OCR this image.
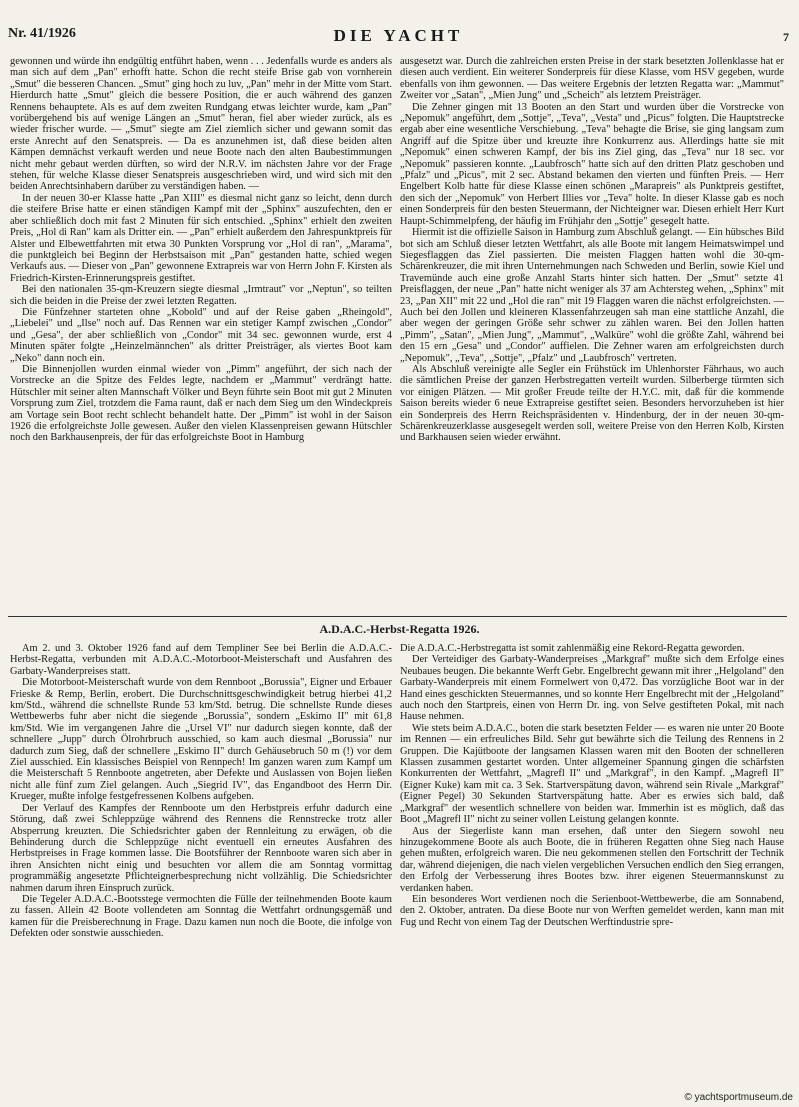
Nr. 41/1926	DIE YACHT	7

gewonnen und würde ihn endgültig entführt haben, wenn . . . Jedenfalls wurde es anders als man sich auf dem „Pan" erhofft hatte. Schon die recht steife Brise gab von vornherein „Smut" die besseren Chancen. „Smut" ging hoch zu luv, „Pan" mehr in der Mitte vom Start. Hierdurch hatte „Smut" gleich die bessere Position, die er auch während des ganzen Rennens behauptete. Als es auf dem zweiten Rundgang etwas leichter wurde, kam „Pan" vorübergehend bis auf wenige Längen an „Smut" heran, fiel aber wieder zurück, als es wieder frischer wurde. — „Smut" siegte am Ziel ziemlich sicher und gewann somit das erste Anrecht auf den Senatspreis. — Da es anzunehmen ist, daß diese beiden alten Kämpen demnächst verkauft werden und neue Boote nach den alten Baubestimmungen nicht mehr gebaut werden dürften, so wird der N.R.V. im nächsten Jahre vor der Frage stehen, für welche Klasse dieser Senatspreis ausgeschrieben wird, und wird sich mit den beiden Anrechtsinhabern darüber zu verständigen haben. —

In der neuen 30-er Klasse hatte „Pan XIII" es diesmal nicht ganz so leicht, denn durch die steifere Brise hatte er einen ständigen Kampf mit der „Sphinx" auszufechten, den er aber schließlich doch mit fast 2 Minuten für sich entschied. „Sphinx" erhielt den zweiten Preis, „Hol di Ran" kam als Dritter ein. — „Pan" erhielt außerdem den Jahrespunktpreis für Alster und Elbewettfahrten mit etwa 30 Punkten Vorsprung vor „Hol di ran", „Marama", die punktgleich bei Beginn der Herbstsaison mit „Pan" gestanden hatte, schied wegen Verkaufs aus. — Dieser von „Pan" gewonnene Extrapreis war von Herrn John F. Kirsten als Friedrich-Kirsten-Erinnerungspreis gestiftet.

Bei den nationalen 35-qm-Kreuzern siegte diesmal „Irmtraut" vor „Neptun", so teilten sich die beiden in die Preise der zwei letzten Regatten.

Die Fünfzehner starteten ohne „Kobold" und auf der Reise gaben „Rheingold", „Liebelei" und „Ilse" noch auf. Das Rennen war ein stetiger Kampf zwischen „Condor" und „Gesa", der aber schließlich von „Condor" mit 34 sec. gewonnen wurde, erst 4 Minuten später folgte „Heinzelmännchen" als dritter Preisträger, als viertes Boot kam „Neko" dann noch ein.

Die Binnenjollen wurden einmal wieder von „Pimm" angeführt, der sich nach der Vorstrecke an die Spitze des Feldes legte, nachdem er „Mammut" verdrängt hatte. Hütschler mit seiner alten Mannschaft Völker und Beyn führte sein Boot mit gut 2 Minuten Vorsprung zum Ziel, trotzdem die Fama raunt, daß er nach dem Sieg um den Windeckpreis am Vortage sein Boot recht schlecht behandelt hatte. Der „Pimm" ist wohl in der Saison 1926 die erfolgreichste Jolle gewesen. Außer den vielen Klassenpreisen gewann Hütschler noch den Barkhausenpreis, der für das erfolgreichste Boot in Hamburg

ausgesetzt war. Durch die zahlreichen ersten Preise in der stark besetzten Jollenklasse hat er diesen auch verdient. Ein weiterer Sonderpreis für diese Klasse, vom HSV gegeben, wurde ebenfalls von ihm gewonnen. — Das weitere Ergebnis der letzten Regatta war: „Mammut" Zweiter vor „Satan", „Mien Jung" und „Scheich" als letztem Preisträger.

Die Zehner gingen mit 13 Booten an den Start und wurden über die Vorstrecke von „Nepomuk" angeführt, dem „Sottje", „Teva", „Vesta" und „Picus" folgten. Die Hauptstrecke ergab aber eine wesentliche Verschiebung. „Teva" behagte die Brise, sie ging langsam zum Angriff auf die Spitze über und kreuzte ihre Konkurrenz aus. Allerdings hatte sie mit „Nepomuk" einen schweren Kampf, der bis ins Ziel ging, das „Teva" nur 18 sec. vor „Nepomuk" passieren konnte. „Laubfrosch" hatte sich auf den dritten Platz geschoben und „Pfalz" und „Picus", mit 2 sec. Abstand bekamen den vierten und fünften Preis. — Herr Engelbert Kolb hatte für diese Klasse einen schönen „Marapreis" als Punktpreis gestiftet, den sich der „Nepomuk" von Herbert Illies vor „Teva" holte. In dieser Klasse gab es noch einen Sonderpreis für den besten Steuermann, der Nichteigner war. Diesen erhielt Herr Kurt Haupt-Schimmelpfeng, der häufig im Frühjahr den „Sottje" gesegelt hatte.

Hiermit ist die offizielle Saison in Hamburg zum Abschluß gelangt. — Ein hübsches Bild bot sich am Schluß dieser letzten Wettfahrt, als alle Boote mit langem Heimatswimpel und Siegesflaggen das Ziel passierten. Die meisten Flaggen hatten wohl die 30-qm-Schärenkreuzer, die mit ihren Unternehmungen nach Schweden und Berlin, sowie Kiel und Travemünde auch eine große Anzahl Starts hinter sich hatten. Der „Smut" setzte 41 Preisflaggen, der neue „Pan" hatte nicht weniger als 37 am Achtersteg wehen, „Sphinx" mit 23, „Pan XII" mit 22 und „Hol die ran" mit 19 Flaggen waren die nächst erfolgreichsten. — Auch bei den Jollen und kleineren Klassenfahrzeugen sah man eine stattliche Anzahl, die aber wegen der geringen Größe sehr schwer zu zählen waren. Bei den Jollen hatten „Pimm", „Satan", „Mien Jung", „Mammut", „Walküre" wohl die größte Zahl, während bei den 15 ern „Gesa" und „Condor" auffielen. Die Zehner waren am erfolgreichsten durch „Nepomuk", „Teva", „Sottje", „Pfalz" und „Laubfrosch" vertreten.

Als Abschluß vereinigte alle Segler ein Frühstück im Uhlenhorster Fährhaus, wo auch die sämtlichen Preise der ganzen Herbstregatten verteilt wurden. Silberberge türmten sich vor einigen Plätzen. — Mit großer Freude teilte der H.Y.C. mit, daß für die kommende Saison bereits wieder 6 neue Extrapreise gestiftet seien. Besonders hervorzuheben ist hier ein Sonderpreis des Herrn Reichspräsidenten v. Hindenburg, der in der neuen 30-qm-Schärenkreuzerklasse ausgesegelt werden soll, weitere Preise von den Herren Kolb, Kirsten und Barkhausen seien wieder erwähnt.

A.D.A.C.-Herbst-Regatta 1926.

Am 2. und 3. Oktober 1926 fand auf dem Templiner See bei Berlin die A.D.A.C.-Herbst-Regatta, verbunden mit A.D.A.C.-Motorboot-Meisterschaft und Ausfahren des Garbaty-Wanderpreises statt.

Die Motorboot-Meisterschaft wurde von dem Rennboot „Borussia", Eigner und Erbauer Frieske & Remp, Berlin, erobert. Die Durchschnittsgeschwindigkeit betrug hierbei 41,2 km/Std., während die schnellste Runde 53 km/Std. betrug. Die schnellste Runde dieses Wettbewerbs fuhr aber nicht die siegende „Borussia", sondern „Eskimo II" mit 61,8 km/Std. Wie im vergangenen Jahre die „Ursel VI" nur dadurch siegen konnte, daß der schnellere „Jupp" durch Ölrohrbruch ausschied, so kam auch diesmal „Borussia" nur dadurch zum Sieg, daß der schnellere „Eskimo II" durch Gehäusebruch 50 m (!) vor dem Ziel ausschied. Ein klassisches Beispiel von Rennpech! Im ganzen waren zum Kampf um die Meisterschaft 5 Rennboote angetreten, aber Defekte und Auslassen von Bojen ließen nicht alle fünf zum Ziel gelangen. Auch „Siegrid IV", das Engandboot des Herrn Dir. Krueger, mußte infolge festgefressenen Kolbens aufgeben.

Der Verlauf des Kampfes der Rennboote um den Herbstpreis erfuhr dadurch eine Störung, daß zwei Schleppzüge während des Rennens die Rennstrecke trotz aller Absperrung kreuzten. Die Schiedsrichter gaben der Rennleitung zu erwägen, ob die Behinderung durch die Schleppzüge nicht eventuell ein erneutes Ausfahren des Herbstpreises in Frage kommen lasse. Die Bootsführer der Rennboote waren sich aber in ihren Ansichten nicht einig und besuchten vor allem die am Sonntag vormittag programmäßig angesetzte Pflichteignerbesprechung nicht vollzählig. Die Schiedsrichter nahmen darum ihren Einspruch zurück.

Die Tegeler A.D.A.C.-Bootsstege vermochten die Fülle der teilnehmenden Boote kaum zu fassen. Allein 42 Boote vollendeten am Sonntag die Wettfahrt ordnungsgemäß und kamen für die Preisberechnung in Frage. Dazu kamen nun noch die Boote, die infolge von Defekten oder sonstwie ausschieden.

Die A.D.A.C.-Herbstregatta ist somit zahlenmäßig eine Rekord-Regatta geworden.

Der Verteidiger des Garbaty-Wanderpreises „Markgraf" mußte sich dem Erfolge eines Neubaues beugen. Die bekannte Werft Gebr. Engelbrecht gewann mit ihrer „Helgoland" den Garbaty-Wanderpreis mit einem Formelwert von 0,472. Das vorzügliche Boot war in der Hand eines geschickten Steuermannes, und so konnte Herr Engelbrecht mit der „Helgoland" auch noch den Startpreis, einen von Herrn Dr. ing. von Selve gestifteten Pokal, mit nach Hause nehmen.

Wie stets beim A.D.A.C., boten die stark besetzten Felder — es waren nie unter 20 Boote im Rennen — ein erfreuliches Bild. Sehr gut bewährte sich die Teilung des Rennens in 2 Gruppen. Die Kajütboote der langsamen Klassen waren mit den Booten der schnelleren Klassen zusammen gestartet worden. Unter allgemeiner Spannung gingen die schärfsten Konkurrenten der Wettfahrt, „Magrefl II" und „Markgraf", in den Kampf. „Magrefl II" (Eigner Kuke) kam mit ca. 3 Sek. Startverspätung davon, während sein Rivale „Markgraf" (Eigner Pegel) 30 Sekunden Startverspätung hatte. Aber es erwies sich bald, daß „Markgraf" der wesentlich schnellere von beiden war. Immerhin ist es möglich, daß das Boot „Magrefl II" nicht zu seiner vollen Leistung gelangen konnte.

Aus der Siegerliste kann man ersehen, daß unter den Siegern sowohl neu hinzugekommene Boote als auch Boote, die in früheren Regatten ohne Sieg nach Hause gehen mußten, erfolgreich waren. Die neu gekommenen stellen den Fortschritt der Technik dar, während diejenigen, die nach vielen vergeblichen Versuchen endlich den Sieg errangen, den Erfolg der Verbesserung ihres Bootes bzw. ihrer eigenen Steuermannskunst zu verdanken haben.

Ein besonderes Wort verdienen noch die Serienboot-Wettbewerbe, die am Sonnabend, den 2. Oktober, antraten. Da diese Boote nur von Werften gemeldet werden, kann man mit Fug und Recht von einem Tag der Deutschen Werftindustrie spre-

© yachtsportmuseum.de
